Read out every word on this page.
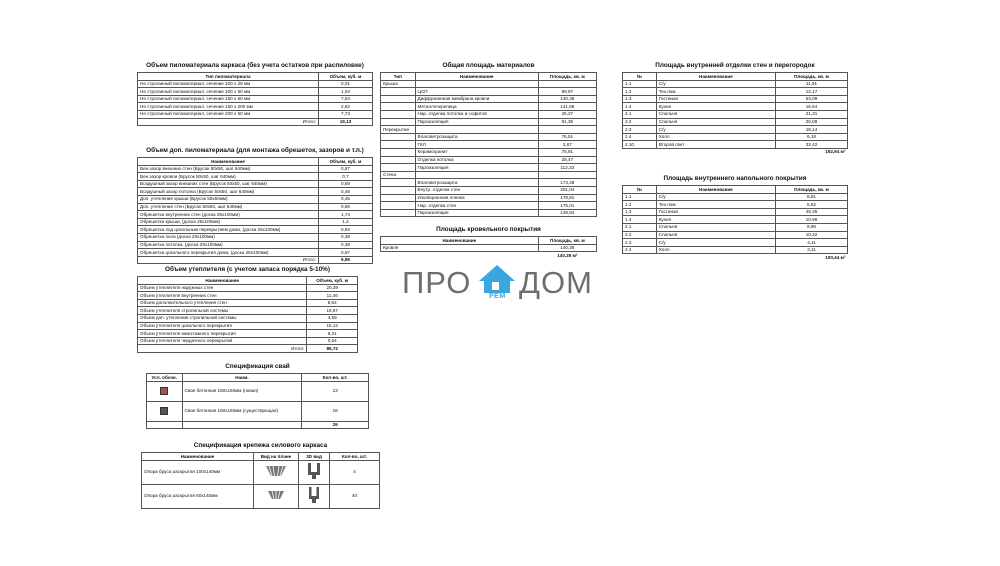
Объем пиломатериала каркаса (без учета остатков при распиловке)
Тип пиломатериала	Объем, куб. м
Не строганный пиломатериал, сечение 100 x 25 мм	0,01
Не строганный пиломатериал, сечение 100 x 50 мм	1,04
Не строганный пиломатериал, сечение 150 x 50 мм	7,54
Не строганный пиломатериал, сечение 150 x 200 мм	2,82
Не строганный пиломатериал, сечение 200 x 50 мм	7,73
Итого:	19,13
Объем доп. пиломатериала (для монтажа обрешеток, зазоров и т.п.)
Наименование	Объем, куб. м
Вен.зазор внешних стен (Брусок 50x50, шаг 640мм)	0,87
Вен.зазор кровли (Брусок 50x50, шаг 640мм)	0,7
Воздушный зазор внешних стен (Брусок 50x50, шаг 640мм)	0,69
Воздушный зазор потолка (Брусок 50x50, шаг 640мм)	0,46
Доп. утепление крыши (Брусок 50x50мм)	0,45
Доп. утепление стен (Брусок 50x50, шаг 640мм)	0,86
Обрешетка внутренних стен (доска 25x100мм)	1,74
Обрешетка крыши, (доска 25x100мм)	1,4
Обрешетка под цокольным перекрытием дома, (доска 25x100мм)	0,93
Обрешетка пола (доска 25x100мм)	0,38
Обрешетка потолка, (доска 25x100мм)	0,38
Обрешетка цокольного перекрытия дома, (доска 25x100мм)	0,97
Итого:	9,85
Объем утеплителя (с учетом запаса порядка 5-10%)
Наименование	Объем, куб. м
Объем утеплителя наружных стен	20,39
Объем утеплителя внутренних стен	11,46
Объем дополнительного утепления стен	8,64
Объем утеплителя стропильной системы	19,67
Объем доп. утепления стропильной системы	4,59
Объем утеплителя цокольного перекрытия	15,12
Объем утеплителя межэтажного перекрытия	6,31
Объем утеплителя чердачного перекрытий	0,54
Итого:	86,72
Спецификация свай
Усл. обозн.	Наим.	Кол-во, шт.
	Свая бетонная 150x150мм (новая)	13
	Свая бетонная 150x150мм (существующая)	16
		29
Спецификация крепежа силового каркаса
Наименование	Вид на плане	3D вид	Кол-во, шт.
Опора бруса раскрытая 100x140мм			4
Опора бруса раскрытая 50x140мм			40
Общая площадь материалов
Тип	Наименование	Площадь, кв. м
Крыша		
	ЦСП	89,97
	Диффузионная мембрана кровли	140,35
	Металлочерепица	141,66
	Нар. отделка потолка и софитов	25,37
	Пароизоляция	91,35
Перекрытие		
	Влаговетрозащита	76,51
	ГКЛ	3,67
	Керамогранит	75,91
	Отделка потолка	28,47
	Пароизоляция	112,23
Стена		
	Влаговетрозащита	173,48
	Внутр. отделка стен	301,04
	Изоляционная пленка	178,81
	Нар. отделка стен	175,01
	Пароизоляция	139,84
Площадь кровельного покрытия
Наименование	Площадь, кв. м
Кровля	140,35
	140,35 м²
Площадь внутренней отделки стен и перегородок
№	Наименование	Площадь, кв. м
1.1	С/у	11,91
1.2	Тех.пом	12,17
1.3	Гостиная	53,09
1.4	Кухня	16,64
2.1	Спальня	21,31
2.2	Спальня	20,08
2.3	С/у	18,14
2.4	Холл	6,18
2.10	Второй свет	33,42
		192,94 м²
Площадь внутреннего напольного покрытия
№	Наименование	Площадь, кв. м
1.1	С/у	8,81
1.2	Тех.пом	5,82
1.3	Гостиная	49,35
1.4	Кухня	10,96
2.1	Спальня	9,96
2.2	Спальня	10,32
2.3	С/у	4,11
2.4	Холл	3,11
		100,44 м²
ПРО	РЕМ ДОМ
